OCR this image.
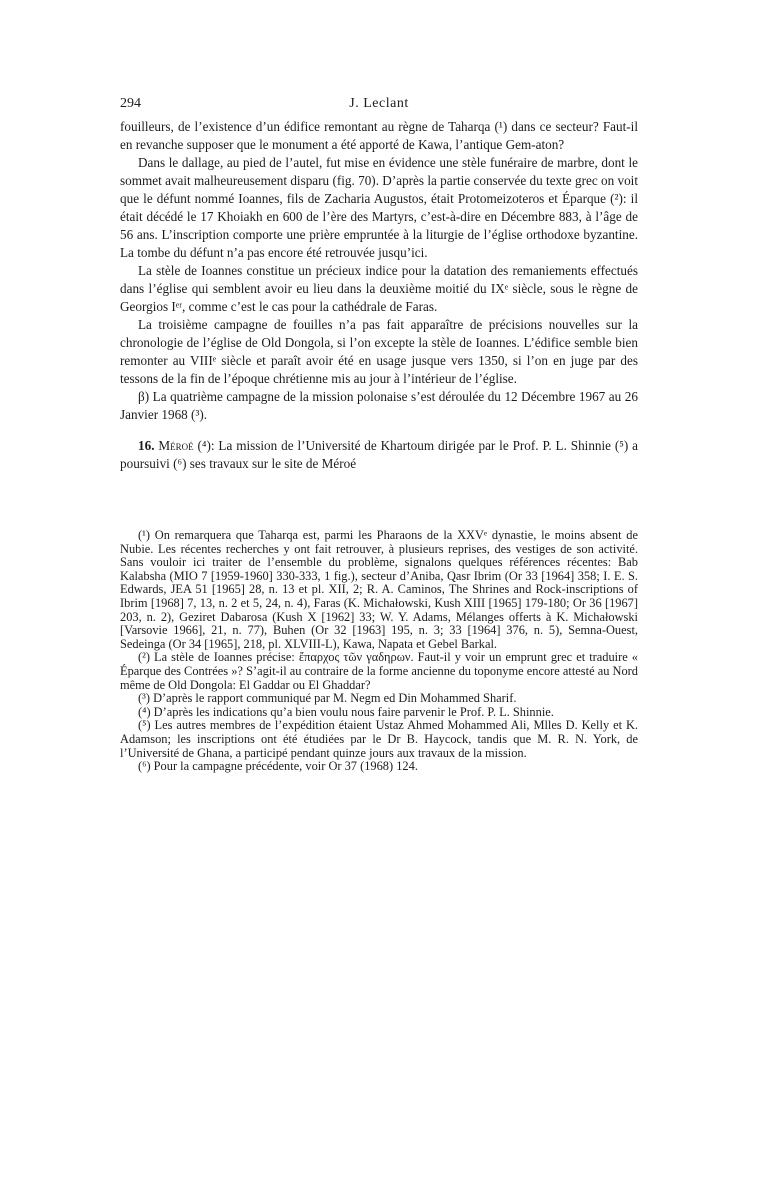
294	J. Leclant

fouilleurs, de l’existence d’un édifice remontant au règne de Taharqa (¹) dans ce secteur? Faut-il en revanche supposer que le monument a été apporté de Kawa, l’antique Gem-aton?

Dans le dallage, au pied de l’autel, fut mise en évidence une stèle funéraire de marbre, dont le sommet avait malheureusement disparu (fig. 70). D’après la partie conservée du texte grec on voit que le défunt nommé Ioannes, fils de Zacharia Augustos, était Protomeizoteros et Éparque (²): il était décédé le 17 Khoiakh en 600 de l’ère des Martyrs, c’est-à-dire en Décembre 883, à l’âge de 56 ans. L’inscription comporte une prière empruntée à la liturgie de l’église orthodoxe byzantine. La tombe du défunt n’a pas encore été retrouvée jusqu’ici.

La stèle de Ioannes constitue un précieux indice pour la datation des remaniements effectués dans l’église qui semblent avoir eu lieu dans la deuxième moitié du IXᵉ siècle, sous le règne de Georgios Iᵉʳ, comme c’est le cas pour la cathédrale de Faras.

La troisième campagne de fouilles n’a pas fait apparaître de précisions nouvelles sur la chronologie de l’église de Old Dongola, si l’on excepte la stèle de Ioannes. L’édifice semble bien remonter au VIIIᵉ siècle et paraît avoir été en usage jusque vers 1350, si l’on en juge par des tessons de la fin de l’époque chrétienne mis au jour à l’intérieur de l’église.

β) La quatrième campagne de la mission polonaise s’est déroulée du 12 Décembre 1967 au 26 Janvier 1968 (³).

16. Méroé (⁴): La mission de l’Université de Khartoum dirigée par le Prof. P. L. Shinnie (⁵) a poursuivi (⁶) ses travaux sur le site de Méroé

(¹) On remarquera que Taharqa est, parmi les Pharaons de la XXVᵉ dynastie, le moins absent de Nubie. Les récentes recherches y ont fait retrouver, à plusieurs reprises, des vestiges de son activité. Sans vouloir ici traiter de l’ensemble du problème, signalons quelques références récentes: Bab Kalabsha (MIO 7 [1959-1960] 330-333, 1 fig.), secteur d’Aniba, Qasr Ibrim (Or 33 [1964] 358; I. E. S. Edwards, JEA 51 [1965] 28, n. 13 et pl. XII, 2; R. A. Caminos, The Shrines and Rock-inscriptions of Ibrim [1968] 7, 13, n. 2 et 5, 24, n. 4), Faras (K. Michałowski, Kush XIII [1965] 179-180; Or 36 [1967] 203, n. 2), Geziret Dabarosa (Kush X [1962] 33; W. Y. Adams, Mélanges offerts à K. Michałowski [Varsovie 1966], 21, n. 77), Buhen (Or 32 [1963] 195, n. 3; 33 [1964] 376, n. 5), Semna-Ouest, Sedeinga (Or 34 [1965], 218, pl. XLVIII-L), Kawa, Napata et Gebel Barkal.

(²) La stèle de Ioannes précise: ἔπαρχος τῶν γαδηρων. Faut-il y voir un emprunt grec et traduire « Éparque des Contrées »? S’agit-il au contraire de la forme ancienne du toponyme encore attesté au Nord même de Old Dongola: El Gaddar ou El Ghaddar?

(³) D’après le rapport communiqué par M. Negm ed Din Mohammed Sharif.

(⁴) D’après les indications qu’a bien voulu nous faire parvenir le Prof. P. L. Shinnie.

(⁵) Les autres membres de l’expédition étaient Ustaz Ahmed Mohammed Ali, Mlles D. Kelly et K. Adamson; les inscriptions ont été étudiées par le Dr B. Haycock, tandis que M. R. N. York, de l’Université de Ghana, a participé pendant quinze jours aux travaux de la mission.

(⁶) Pour la campagne précédente, voir Or 37 (1968) 124.
